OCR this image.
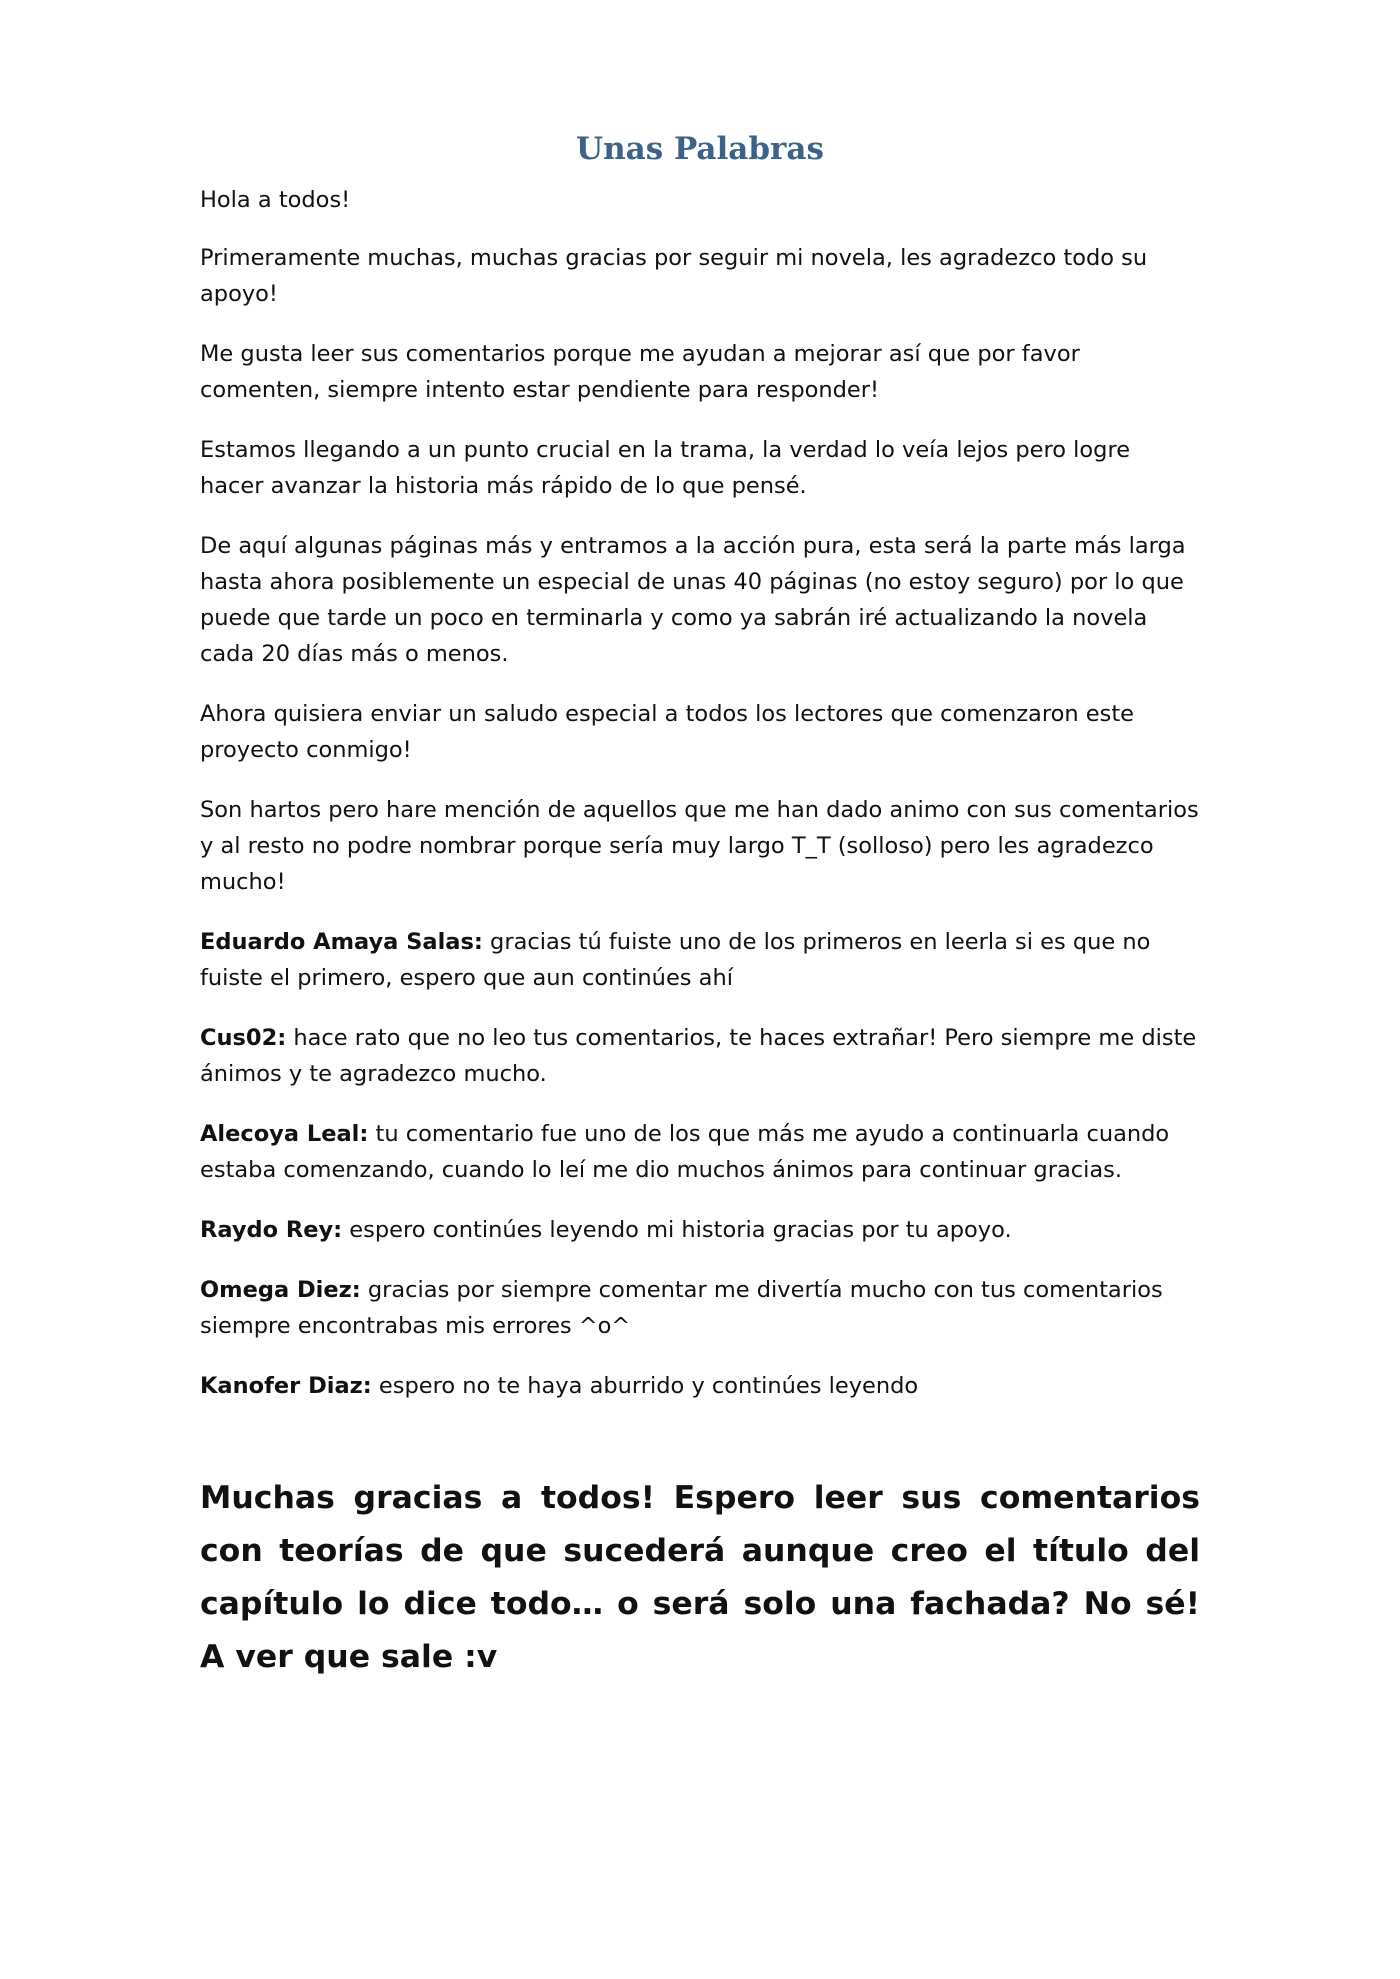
Unas Palabras

Hola a todos!

Primeramente muchas, muchas gracias por seguir mi novela, les agradezco todo su apoyo!

Me gusta leer sus comentarios porque me ayudan a mejorar así que por favor comenten, siempre intento estar pendiente para responder!

Estamos llegando a un punto crucial en la trama, la verdad lo veía lejos pero logre hacer avanzar la historia más rápido de lo que pensé.

De aquí algunas páginas más y entramos a la acción pura, esta será la parte más larga hasta ahora posiblemente un especial de unas 40 páginas (no estoy seguro) por lo que puede que tarde un poco en terminarla y como ya sabrán iré actualizando la novela cada 20 días más o menos.

Ahora quisiera enviar un saludo especial a todos los lectores que comenzaron este proyecto conmigo!

Son hartos pero hare mención de aquellos que me han dado animo con sus comentarios y al resto no podre nombrar porque sería muy largo T_T (solloso) pero les agradezco mucho!

Eduardo Amaya Salas: gracias tú fuiste uno de los primeros en leerla si es que no fuiste el primero, espero que aun continúes ahí

Cus02: hace rato que no leo tus comentarios, te haces extrañar! Pero siempre me diste ánimos y te agradezco mucho.

Alecoya Leal: tu comentario fue uno de los que más me ayudo a continuarla cuando estaba comenzando, cuando lo leí me dio muchos ánimos para continuar gracias.

Raydo Rey: espero continúes leyendo mi historia gracias por tu apoyo.

Omega Diez: gracias por siempre comentar me divertía mucho con tus comentarios siempre encontrabas mis errores ^o^

Kanofer Diaz: espero no te haya aburrido y continúes leyendo

Muchas gracias a todos! Espero leer sus comentarios con teorías de que sucederá aunque creo el título del capítulo lo dice todo… o será solo una fachada? No sé! A ver que sale :v
